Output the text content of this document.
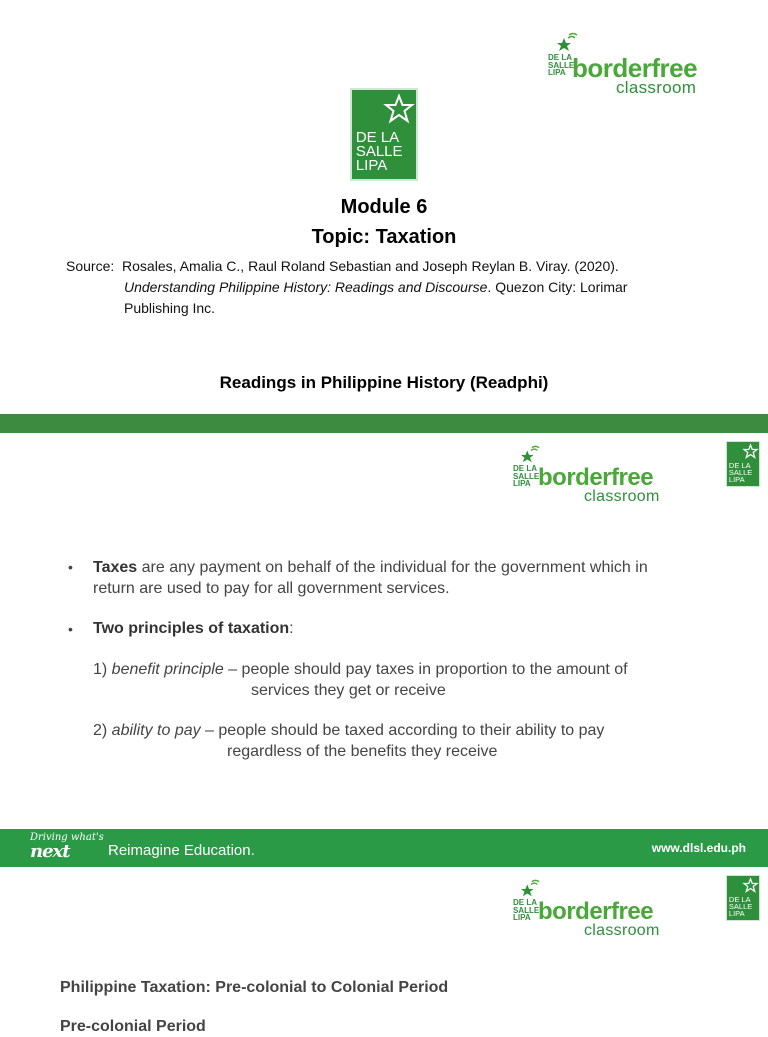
DE LA
SALLE
LIPA borderfree
classroom
DE LA
SALLE
LIPA
Module 6
Topic: Taxation
Source: Rosales, Amalia C., Raul Roland Sebastian and Joseph Reylan B. Viray. (2020).
Understanding Philippine History: Readings and Discourse. Quezon City: Lorimar
Publishing Inc.
Readings in Philippine History (Readphi)
DE LA
SALLE
LIPA borderfree
classroom
DE LA
SALLE
LIPA
• Taxes are any payment on behalf of the individual for the government which in
return are used to pay for all government services.
• Two principles of taxation:
1) benefit principle – people should pay taxes in proportion to the amount of
services they get or receive
2) ability to pay – people should be taxed according to their ability to pay
regardless of the benefits they receive
Driving what's
next	Reimagine Education.	www.dlsl.edu.ph
DE LA
SALLE
LIPA borderfree
classroom
DE LA
SALLE
LIPA
Philippine Taxation: Pre-colonial to Colonial Period
Pre-colonial Period
